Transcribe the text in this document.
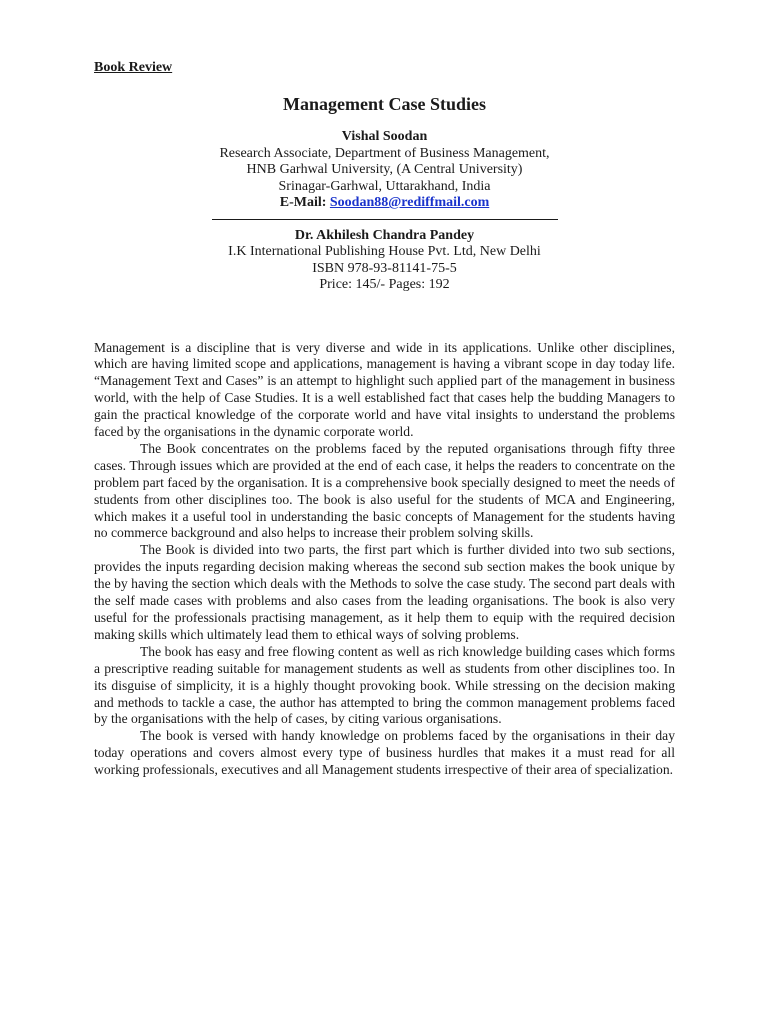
Book Review

Management Case Studies
Vishal Soodan
Research Associate, Department of Business Management,
HNB Garhwal University, (A Central University)
Srinagar-Garhwal, Uttarakhand, India
E-Mail: Soodan88@rediffmail.com
Dr. Akhilesh Chandra Pandey
I.K International Publishing House Pvt. Ltd, New Delhi
ISBN 978-93-81141-75-5
Price: 145/- Pages: 192

Management is a discipline that is very diverse and wide in its applications. Unlike other disciplines, which are having limited scope and applications, management is having a vibrant scope in day today life. “Management Text and Cases” is an attempt to highlight such applied part of the management in business world, with the help of Case Studies. It is a well established fact that cases help the budding Managers to gain the practical knowledge of the corporate world and have vital insights to understand the problems faced by the organisations in the dynamic corporate world.

The Book concentrates on the problems faced by the reputed organisations through fifty three cases. Through issues which are provided at the end of each case, it helps the readers to concentrate on the problem part faced by the organisation. It is a comprehensive book specially designed to meet the needs of students from other disciplines too. The book is also useful for the students of MCA and Engineering, which makes it a useful tool in understanding the basic concepts of Management for the students having no commerce background and also helps to increase their problem solving skills.

The Book is divided into two parts, the first part which is further divided into two sub sections, provides the inputs regarding decision making whereas the second sub section makes the book unique by the by having the section which deals with the Methods to solve the case study. The second part deals with the self made cases with problems and also cases from the leading organisations. The book is also very useful for the professionals practising management, as it help them to equip with the required decision making skills which ultimately lead them to ethical ways of solving problems.

The book has easy and free flowing content as well as rich knowledge building cases which forms a prescriptive reading suitable for management students as well as students from other disciplines too. In its disguise of simplicity, it is a highly thought provoking book. While stressing on the decision making and methods to tackle a case, the author has attempted to bring the common management problems faced by the organisations with the help of cases, by citing various organisations.

The book is versed with handy knowledge on problems faced by the organisations in their day today operations and covers almost every type of business hurdles that makes it a must read for all working professionals, executives and all Management students irrespective of their area of specialization.
